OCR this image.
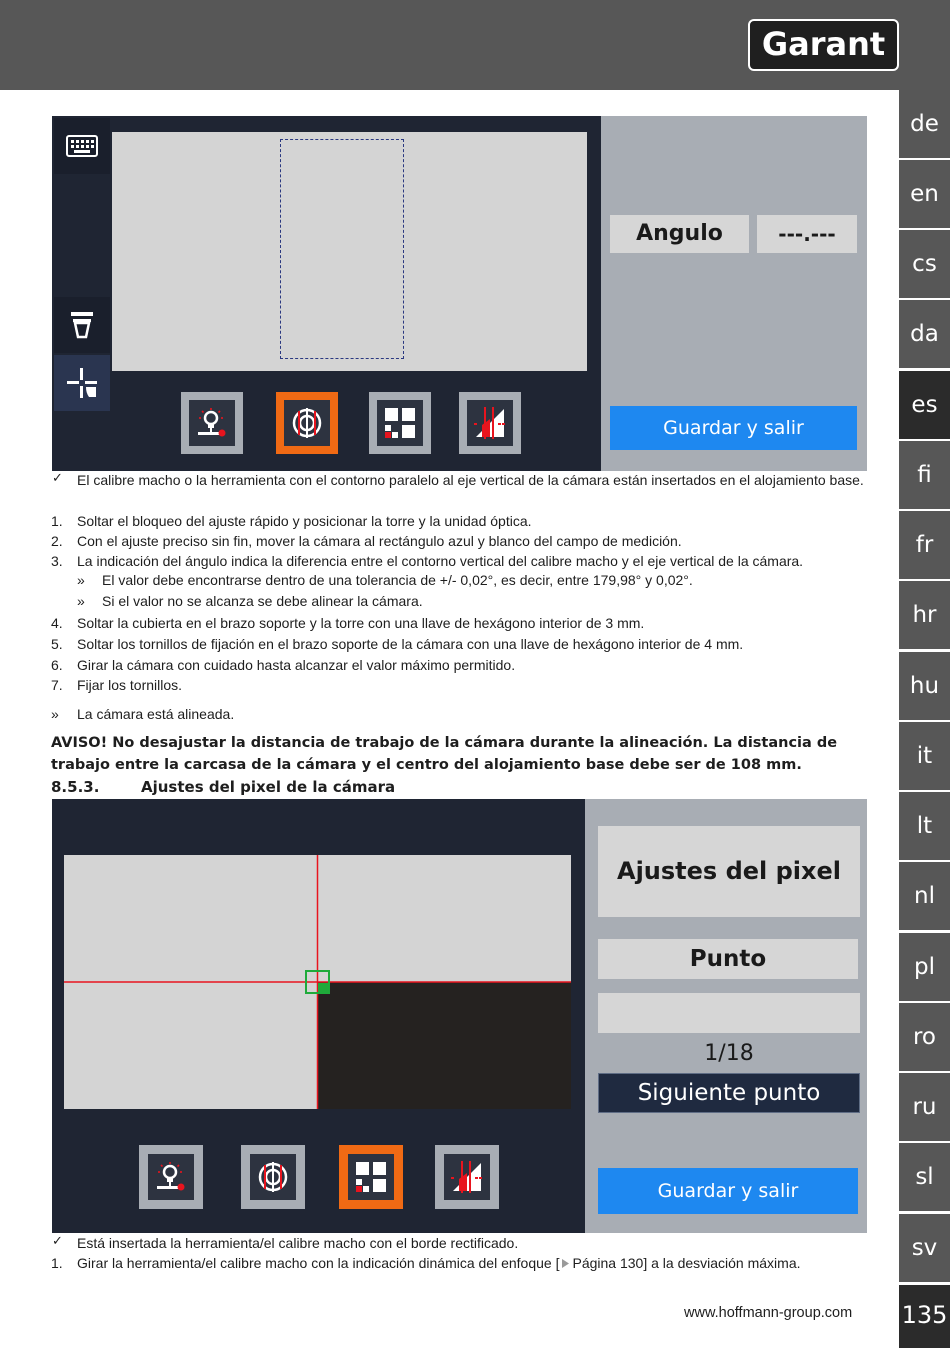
Garant
de
en
cs
da
es
fi
fr
hr
hu
it
lt
nl
pl
ro
ru
sl
sv
135
Angulo	---.---
Guardar y salir
✓ El calibre macho o la herramienta con el contorno paralelo al eje vertical de la cámara están insertados en el alojamiento base.
1. Soltar el bloqueo del ajuste rápido y posicionar la torre y la unidad óptica.
2. Con el ajuste preciso sin fin, mover la cámara al rectángulo azul y blanco del campo de medición.
3. La indicación del ángulo indica la diferencia entre el contorno vertical del calibre macho y el eje vertical de la cámara.
» El valor debe encontrarse dentro de una tolerancia de +/- 0,02°, es decir, entre 179,98° y 0,02°.
» Si el valor no se alcanza se debe alinear la cámara.
4. Soltar la cubierta en el brazo soporte y la torre con una llave de hexágono interior de 3 mm.
5. Soltar los tornillos de fijación en el brazo soporte de la cámara con una llave de hexágono interior de 4 mm.
6. Girar la cámara con cuidado hasta alcanzar el valor máximo permitido.
7. Fijar los tornillos.
» La cámara está alineada.
AVISO! No desajustar la distancia de trabajo de la cámara durante la alineación. La distancia de trabajo entre la carcasa de la cámara y el centro del alojamiento base debe ser de 108 mm.
8.5.3.	Ajustes del pixel de la cámara
Ajustes del pixel
Punto
1/18
Siguiente punto
Guardar y salir
✓ Está insertada la herramienta/el calibre macho con el borde rectificado.
1. Girar la herramienta/el calibre macho con la indicación dinámica del enfoque [ Página 130] a la desviación máxima.
www.hoffmann-group.com
